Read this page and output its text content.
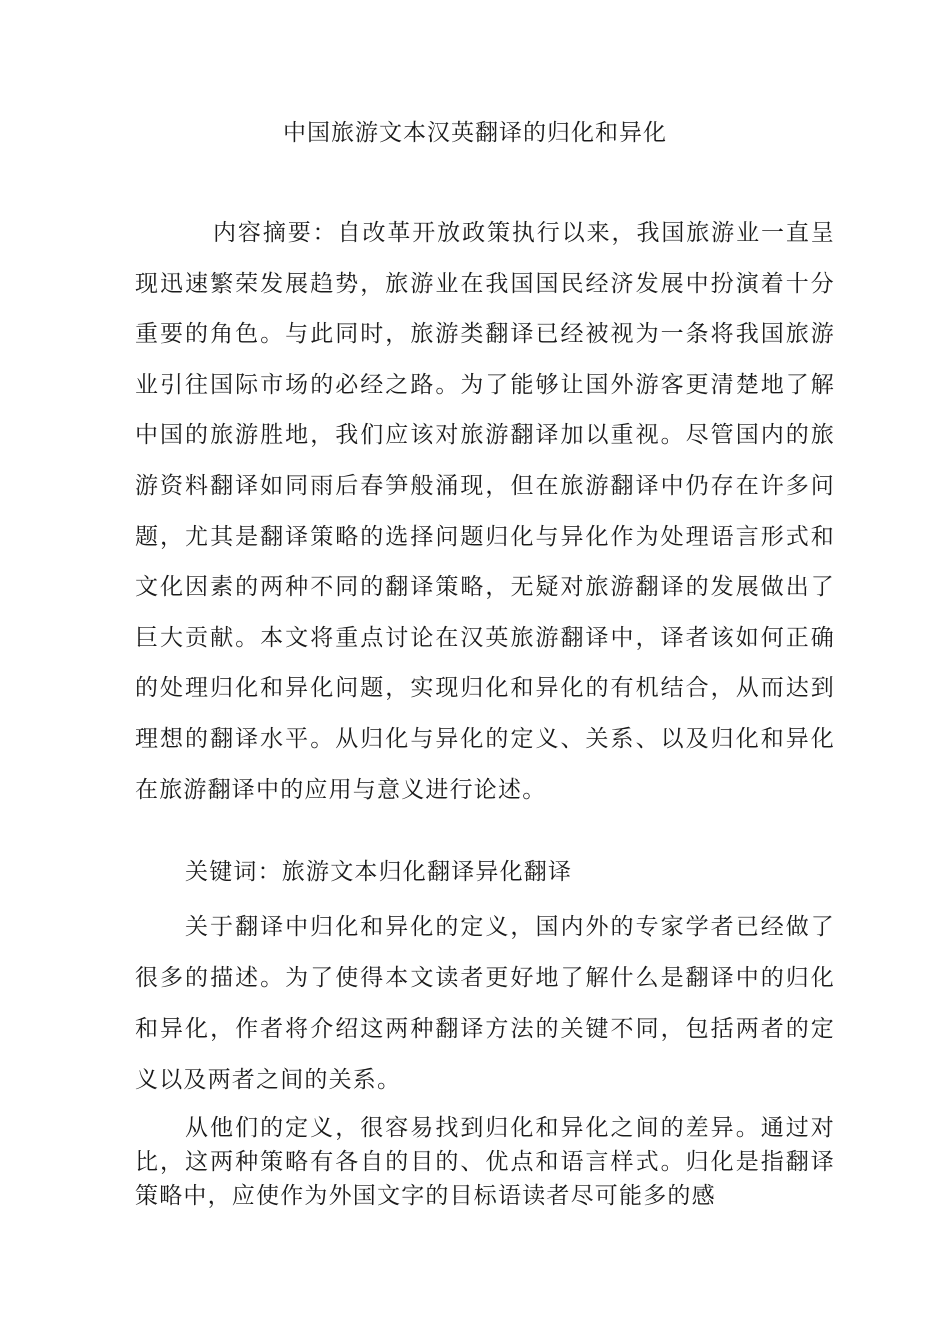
中国旅游文本汉英翻译的归化和异化

内容摘要：自改革开放政策执行以来，我国旅游业一直呈现迅速繁荣发展趋势，旅游业在我国国民经济发展中扮演着十分重要的角色。与此同时，旅游类翻译已经被视为一条将我国旅游业引往国际市场的必经之路。为了能够让国外游客更清楚地了解中国的旅游胜地，我们应该对旅游翻译加以重视。尽管国内的旅游资料翻译如同雨后春笋般涌现，但在旅游翻译中仍存在许多问题，尤其是翻译策略的选择问题归化与异化作为处理语言形式和文化因素的两种不同的翻译策略，无疑对旅游翻译的发展做出了巨大贡献。本文将重点讨论在汉英旅游翻译中，译者该如何正确的处理归化和异化问题，实现归化和异化的有机结合，从而达到理想的翻译水平。从归化与异化的定义、关系、以及归化和异化在旅游翻译中的应用与意义进行论述。

关键词：旅游文本归化翻译异化翻译

关于翻译中归化和异化的定义，国内外的专家学者已经做了很多的描述。为了使得本文读者更好地了解什么是翻译中的归化和异化，作者将介绍这两种翻译方法的关键不同，包括两者的定义以及两者之间的关系。

从他们的定义，很容易找到归化和异化之间的差异。通过对比，这两种策略有各自的目的、优点和语言样式。归化是指翻译策略中，应使作为外国文字的目标语读者尽可能多的感
